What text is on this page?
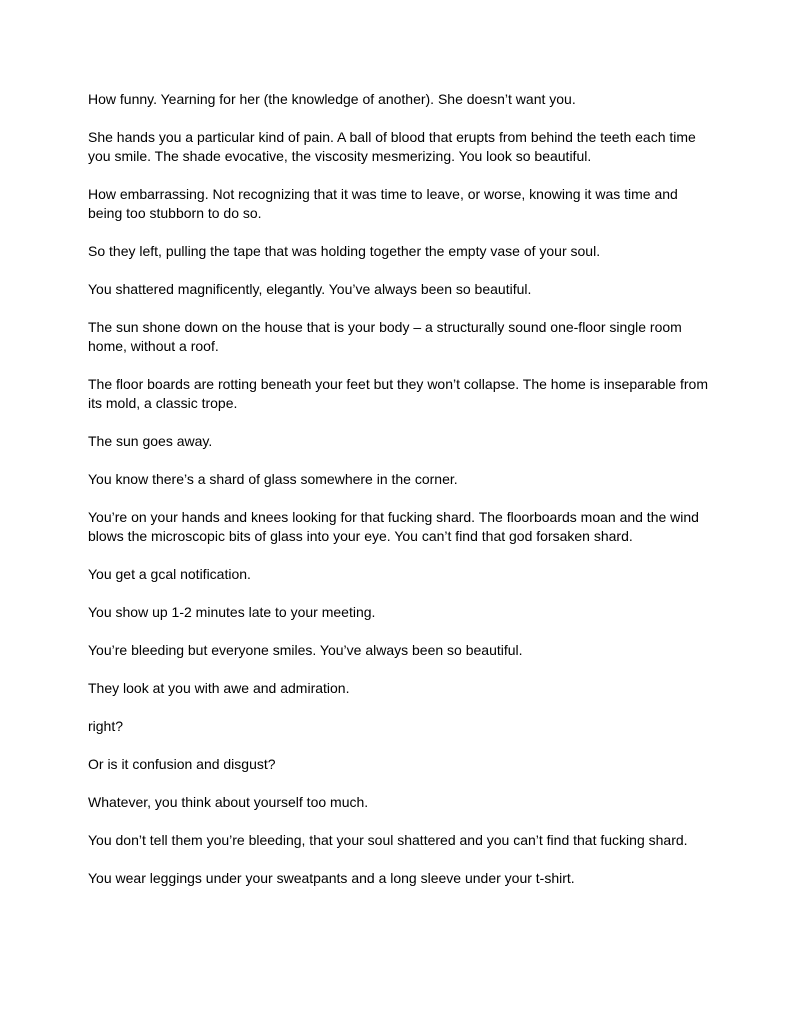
How funny. Yearning for her (the knowledge of another). She doesn’t want you.

She hands you a particular kind of pain. A ball of blood that erupts from behind the teeth each time you smile. The shade evocative, the viscosity mesmerizing. You look so beautiful.

How embarrassing. Not recognizing that it was time to leave, or worse, knowing it was time and being too stubborn to do so.

So they left, pulling the tape that was holding together the empty vase of your soul.

You shattered magnificently, elegantly. You’ve always been so beautiful.

The sun shone down on the house that is your body – a structurally sound one-floor single room home, without a roof.

The floor boards are rotting beneath your feet but they won’t collapse. The home is inseparable from its mold, a classic trope.

The sun goes away.

You know there’s a shard of glass somewhere in the corner.

You’re on your hands and knees looking for that fucking shard. The floorboards moan and the wind blows the microscopic bits of glass into your eye. You can’t find that god forsaken shard.

You get a gcal notification.

You show up 1-2 minutes late to your meeting.

You’re bleeding but everyone smiles. You’ve always been so beautiful.

They look at you with awe and admiration.

right?

Or is it confusion and disgust?

Whatever, you think about yourself too much.

You don’t tell them you’re bleeding, that your soul shattered and you can’t find that fucking shard.

You wear leggings under your sweatpants and a long sleeve under your t-shirt.
